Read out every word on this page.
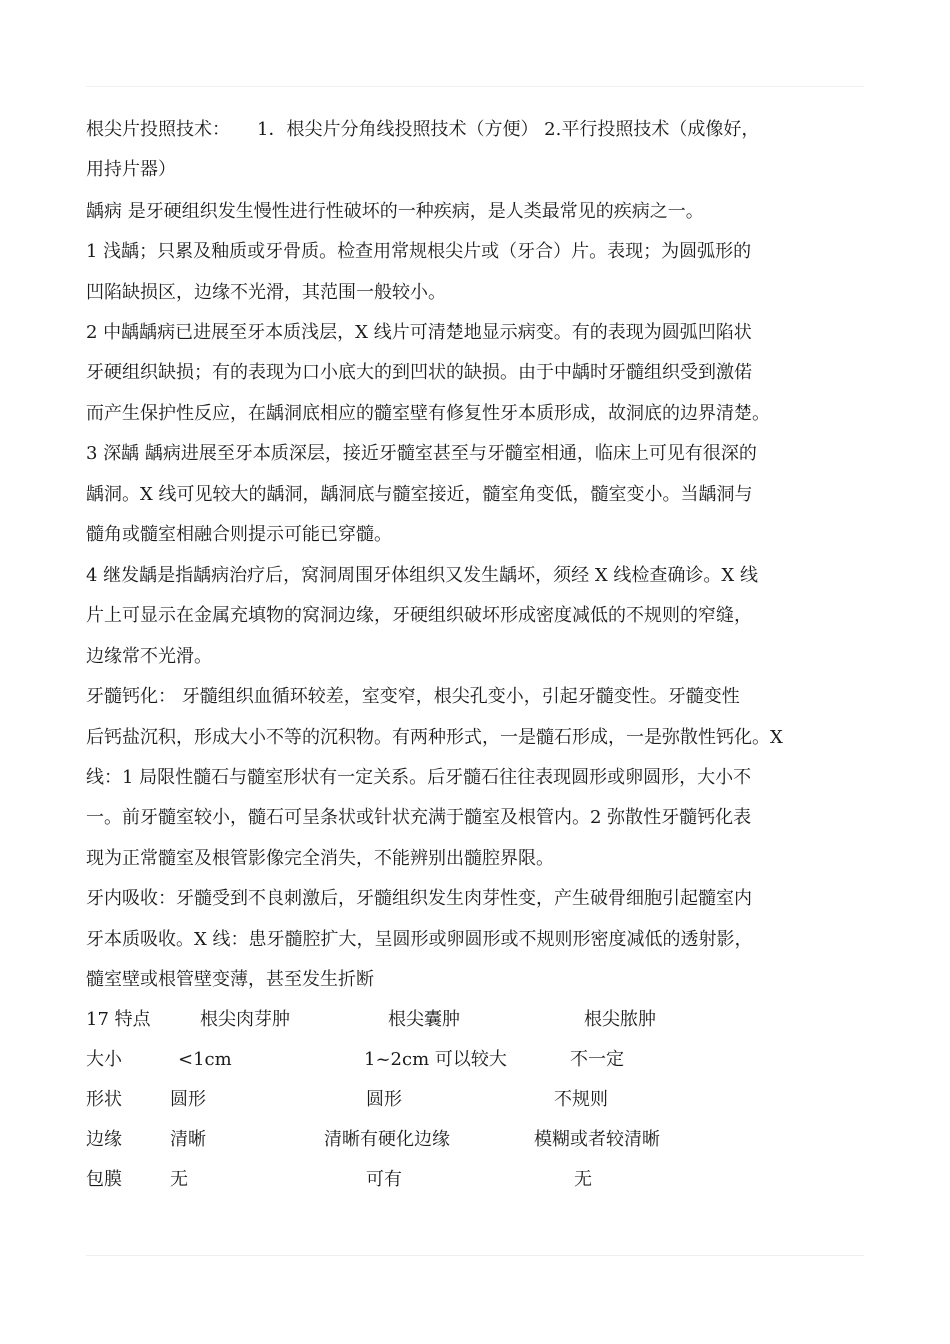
根尖片投照技术：　　1．根尖片分角线投照技术（方便） 2.平行投照技术（成像好，
用持片器）
龋病 是牙硬组织发生慢性进行性破坏的一种疾病，是人类最常见的疾病之一。
1 浅龋；只累及釉质或牙骨质。检查用常规根尖片或（牙合）片。表现；为圆弧形的
凹陷缺损区，边缘不光滑，其范围一般较小。
2 中龋龋病已进展至牙本质浅层，X 线片可清楚地显示病变。有的表现为圆弧凹陷状
牙硬组织缺损；有的表现为口小底大的到凹状的缺损。由于中龋时牙髓组织受到激偌
而产生保护性反应，在龋洞底相应的髓室壁有修复性牙本质形成，故洞底的边界清楚。
3 深龋 龋病进展至牙本质深层，接近牙髓室甚至与牙髓室相通，临床上可见有很深的
龋洞。X 线可见较大的龋洞，龋洞底与髓室接近，髓室角变低，髓室变小。当龋洞与
髓角或髓室相融合则提示可能已穿髓。
4 继发龋是指龋病治疗后，窝洞周围牙体组织又发生龋坏，须经 X 线检查确诊。X 线
片上可显示在金属充填物的窝洞边缘，牙硬组织破坏形成密度减低的不规则的窄缝，
边缘常不光滑。
牙髓钙化： 牙髓组织血循环较差，室变窄，根尖孔变小，引起牙髓变性。牙髓变性
后钙盐沉积，形成大小不等的沉积物。有两种形式，一是髓石形成，一是弥散性钙化。X
线：1 局限性髓石与髓室形状有一定关系。后牙髓石往往表现圆形或卵圆形，大小不
一。前牙髓室较小，髓石可呈条状或针状充满于髓室及根管内。2 弥散性牙髓钙化表
现为正常髓室及根管影像完全消失，不能辨别出髓腔界限。
牙内吸收：牙髓受到不良刺激后，牙髓组织发生肉芽性变，产生破骨细胞引起髓室内
牙本质吸收。X 线：患牙髓腔扩大，呈圆形或卵圆形或不规则形密度减低的透射影，
髓室壁或根管壁变薄，甚至发生折断
17 特点	根尖肉芽肿	根尖囊肿	根尖脓肿
大小	<1cm	1~2cm 可以较大	不一定
形状	圆形	圆形	不规则
边缘	清晰	清晰有硬化边缘	模糊或者较清晰
包膜	无	可有	无
